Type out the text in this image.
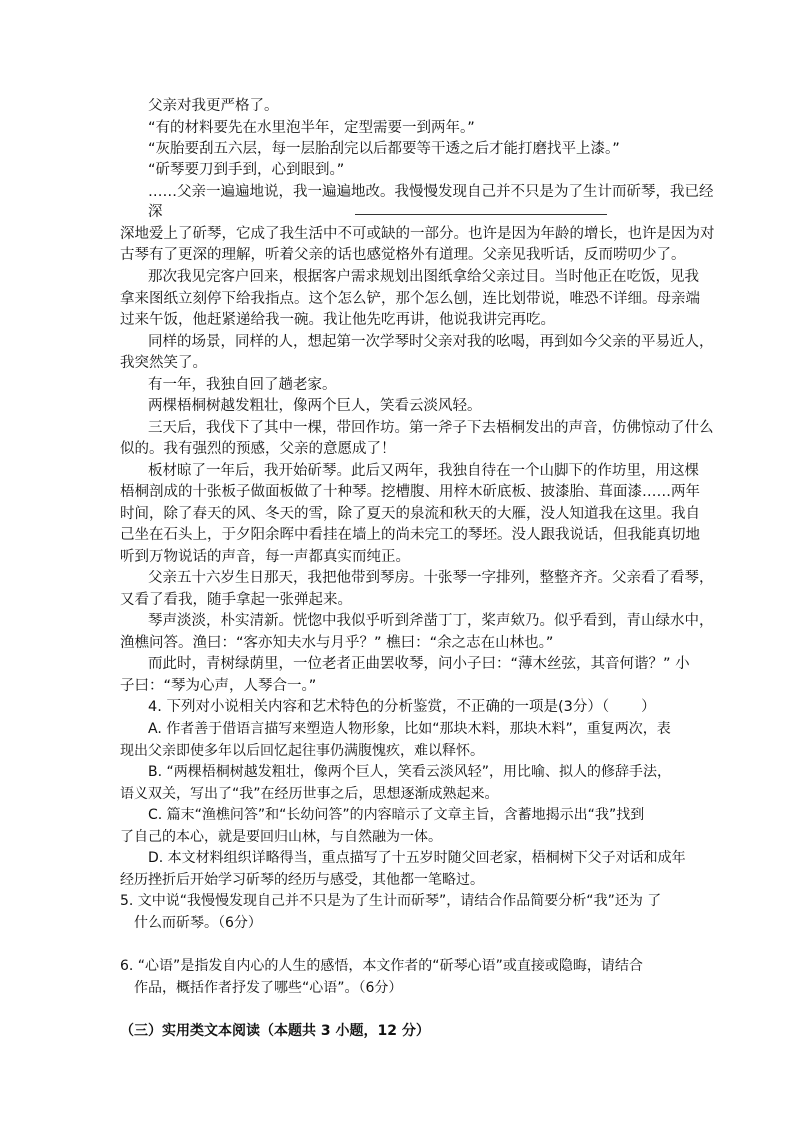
父亲对我更严格了。
“有的材料要先在水里泡半年，定型需要一到两年。”
“灰胎要刮五六层，每一层胎刮完以后都要等干透之后才能打磨找平上漆。”
“斫琴要刀到手到，心到眼到。”
……父亲一遍遍地说，我一遍遍地改。我慢慢发现自己并不只是为了生计而斫琴，我已经
深
深地爱上了斫琴，它成了我生活中不可或缺的一部分。也许是因为年龄的增长，也许是因为对
古琴有了更深的理解，听着父亲的话也感觉格外有道理。父亲见我听话，反而唠叨少了。
那次我见完客户回来，根据客户需求规划出图纸拿给父亲过目。当时他正在吃饭，见我
拿来图纸立刻停下给我指点。这个怎么铲，那个怎么刨，连比划带说，唯恐不详细。母亲端
过来午饭，他赶紧递给我一碗。我让他先吃再讲，他说我讲完再吃。
同样的场景，同样的人，想起第一次学琴时父亲对我的吆喝，再到如今父亲的平易近人，
我突然笑了。
有一年，我独自回了趟老家。
两棵梧桐树越发粗壮，像两个巨人，笑看云淡风轻。
三天后，我伐下了其中一棵，带回作坊。第一斧子下去梧桐发出的声音，仿佛惊动了什么
似的。我有强烈的预感，父亲的意愿成了！
板材晾了一年后，我开始斫琴。此后又两年，我独自待在一个山脚下的作坊里，用这棵
梧桐剖成的十张板子做面板做了十种琴。挖槽腹、用梓木斫底板、披漆胎、葺面漆……两年
时间，除了春天的风、冬天的雪，除了夏天的泉流和秋天的大雁，没人知道我在这里。我自
己坐在石头上，于夕阳余晖中看挂在墙上的尚未完工的琴坯。没人跟我说话，但我能真切地
听到万物说话的声音，每一声都真实而纯正。
父亲五十六岁生日那天，我把他带到琴房。十张琴一字排列，整整齐齐。父亲看了看琴，
又看了看我，随手拿起一张弹起来。
琴声淡淡，朴实清新。恍惚中我似乎听到斧凿丁丁，桨声欸乃。似乎看到，青山绿水中，
渔樵问答。渔曰：“客亦知夫水与月乎？” 樵曰：“余之志在山林也。”
而此时，青树绿荫里，一位老者正曲罢收琴，问小子曰：“薄木丝弦，其音何谐？” 小
子曰：“琴为心声，人琴合一。”
4. 下列对小说相关内容和艺术特色的分析鉴赏，不正确的一项是(3分）（ ）
A. 作者善于借语言描写来塑造人物形象，比如“那块木料，那块木料”，重复两次，表
现出父亲即使多年以后回忆起往事仍满腹愧疚，难以释怀。
B. “两棵梧桐树越发粗壮，像两个巨人，笑看云淡风轻”，用比喻、拟人的修辞手法，
语义双关，写出了“我”在经历世事之后，思想逐渐成熟起来。
C. 篇末“渔樵问答”和“长幼问答”的内容暗示了文章主旨，含蓄地揭示出“我”找到
了自己的本心，就是要回归山林，与自然融为一体。
D. 本文材料组织详略得当，重点描写了十五岁时随父回老家，梧桐树下父子对话和成年
经历挫折后开始学习斫琴的经历与感受，其他都一笔略过。
5. 文中说“我慢慢发现自己并不只是为了生计而斫琴”，请结合作品简要分析“我”还为 了
什么而斫琴。（6分）
6. “心语”是指发自内心的人生的感悟，本文作者的“斫琴心语”或直接或隐晦，请结合
作品，概括作者抒发了哪些“心语”。（6分）
（三）实用类文本阅读（本题共 3 小题，12 分）
